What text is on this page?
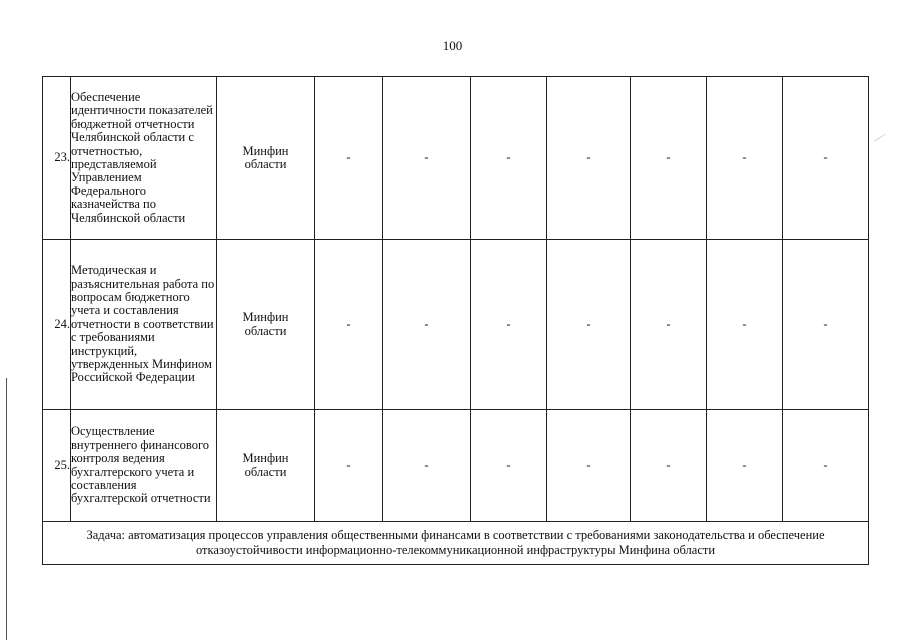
100
23.	Обеспечение идентичности показателей бюджетной отчетности Челябинской области с отчетностью, представляемой Управлением Федерального казначейства по Челябинской области	Минфин области	-	-	-	-	-	-	-
24.	Методическая и разъяснительная работа по вопросам бюджетного учета и составления отчетности в соответствии с требованиями инструкций, утвержденных Минфином Российской Федерации	Минфин области	-	-	-	-	-	-	-
25.	Осуществление внутреннего финансового контроля ведения бухгалтерского учета и составления бухгалтерской отчетности	Минфин области	-	-	-	-	-	-	-
Задача: автоматизация процессов управления общественными финансами в соответствии с требованиями законодательства и обеспечение отказоустойчивости информационно-телекоммуникационной инфраструктуры Минфина области									
⁄
